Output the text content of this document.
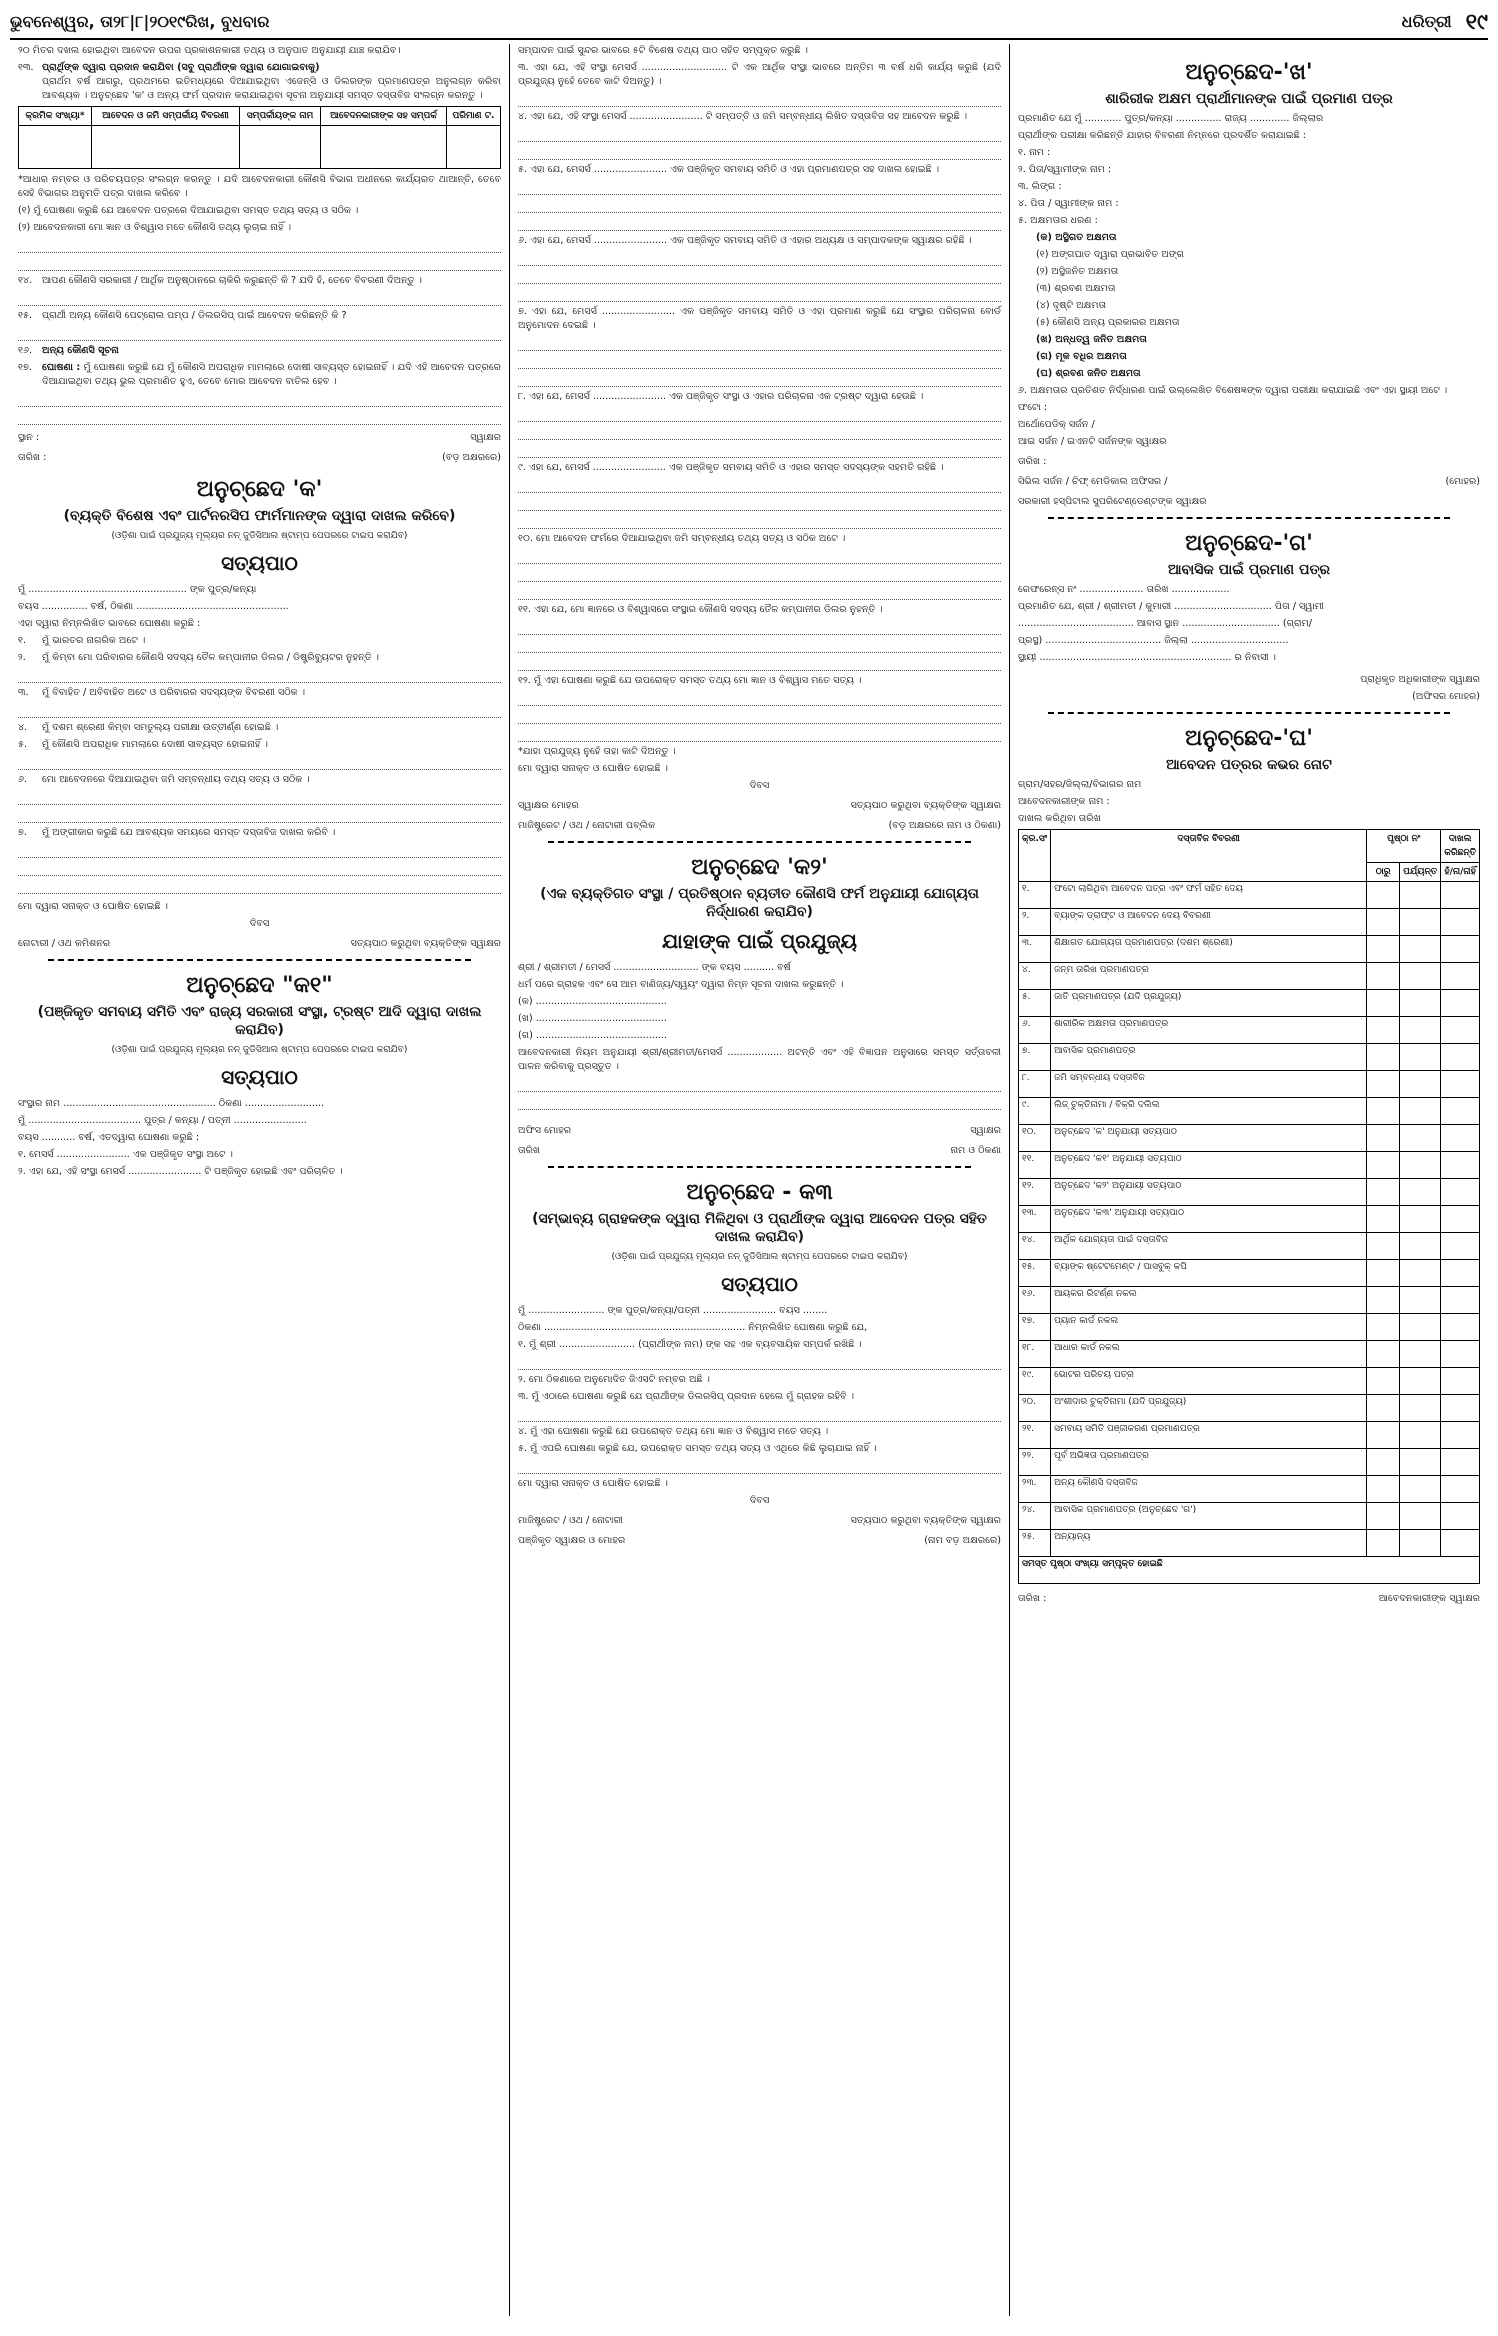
ଭୁବନେଶ୍ୱର, ତା୨୮|୮|୨୦୧୯ରିଖ, ବୁଧବାର	ଧରିତ୍ରୀ ୧୯

୨୦ ମିତର ଦଖଲ ହୋଇଥିବା ଆବେଦନ ଉପର ପ୍ରକାଶନକାରୀ ତଥ୍ୟ ଓ ଅନୁପାତ ଅନୁଯାୟୀ ଯାଞ୍ଚ କରାଯିବ।

୧୩. ପ୍ରାର୍ଥିଙ୍କ ଦ୍ୱାରା ପ୍ରଦାନ କରାଯିବା (ସବୁ ପ୍ରାର୍ଥୀଙ୍କ ଦ୍ୱାରା ଯୋଗାଇବାକୁ)
ପ୍ରାର୍ଥମ ବର୍ଷ ଆଗରୁ, ପ୍ରଥମରେ ଇତିମଧ୍ୟରେ ଦିଆଯାଇଥିବା ଏଜେନ୍ସି ଓ ଡିଲରଙ୍କ ପ୍ରମାଣପତ୍ର ଅନୁଲଗ୍ନ କରିବା ଆବଶ୍ୟକ । ଅନୁଚ୍ଛେଦ 'କ' ଓ ଅନ୍ୟ ଫର୍ମ ପ୍ରଦାନ କରାଯାଇଥିବା ସୂଚନା ଅନୁଯାୟୀ ସମସ୍ତ ଦସ୍ତାବିଜ ସଂଲଗ୍ନ କରନ୍ତୁ ।
କ୍ରମିକ ସଂଖ୍ୟା*	ଆବେଦନ ଓ ଜମି ସମ୍ପର୍କୀୟ ବିବରଣୀ	ସମ୍ପର୍କୀୟଙ୍କ ନାମ	ଆବେଦନକାରୀଙ୍କ ସହ ସମ୍ପର୍କ	ପରିମାଣ ଟ.

*ଆଧାର ନମ୍ବର ଓ ପରିଚୟପତ୍ର ସଂଲଗ୍ନ କରନ୍ତୁ । ଯଦି ଆବେଦନକାରୀ କୌଣସି ବିଭାଗ ଅଧୀନରେ କାର୍ଯ୍ୟରତ ଥାଆନ୍ତି, ତେବେ ସେହି ବିଭାଗର ଅନୁମତି ପତ୍ର ଦାଖଲ କରିବେ ।

(୧) ମୁଁ ଘୋଷଣା କରୁଛି ଯେ ଆବେଦନ ପତ୍ରରେ ଦିଆଯାଇଥିବା ସମସ୍ତ ତଥ୍ୟ ସତ୍ୟ ଓ ସଠିକ ।

(୨) ଆବେଦନକାରୀ ମୋ ଜ୍ଞାନ ଓ ବିଶ୍ୱାସ ମତେ କୌଣସି ତଥ୍ୟ ଲୁଚାଇ ନାହିଁ ।

୧୪.	ଆପଣ କୌଣସି ସରକାରୀ / ଆର୍ଥିକ ଅନୁଷ୍ଠାନରେ ଚାକିରି କରୁଛନ୍ତି କି ? ଯଦି ହଁ, ତେବେ ବିବରଣୀ ଦିଅନ୍ତୁ ।
୧୫.	ପ୍ରାର୍ଥୀ ଅନ୍ୟ କୌଣସି ପେଟ୍ରୋଲ ପମ୍ପ / ଡିଲରସିପ୍ ପାଇଁ ଆବେଦନ କରିଛନ୍ତି କି ?
୧୬.	ଅନ୍ୟ କୌଣସି ସୂଚନା
୧୭.	ଘୋଷଣା : ମୁଁ ଘୋଷଣା କରୁଛି ଯେ ମୁଁ କୌଣସି ଅପରାଧିକ ମାମଲାରେ ଦୋଷୀ ସାବ୍ୟସ୍ତ ହୋଇନାହିଁ । ଯଦି ଏହି ଆବେଦନ ପତ୍ରରେ ଦିଆଯାଇଥିବା ତଥ୍ୟ ଭୁଲ ପ୍ରମାଣିତ ହୁଏ, ତେବେ ମୋର ଆବେଦନ ବାତିଲ ହେବ ।
ସ୍ଥାନ :	ସ୍ୱାକ୍ଷର
ତାରିଖ :	(ବଡ଼ ଅକ୍ଷରରେ)
ଅନୁଚ୍ଛେଦ 'କ'
(ବ୍ୟକ୍ତି ବିଶେଷ ଏବଂ ପାର୍ଟନରସିପ ଫାର୍ମମାନଙ୍କ ଦ୍ୱାରା ଦାଖଲ କରିବେ)
(ଓଡ଼ିଶା ପାଇଁ ପ୍ରଯୁଜ୍ୟ ମୂଲ୍ୟର ନନ୍ ଜୁଡିସିଆଲ ଷ୍ଟାମ୍ପ ପେପରରେ ଟାଇପ କରାଯିବ)
ସତ୍ୟପାଠ

ମୁଁ .................................................... ଙ୍କ ପୁତ୍ର/କନ୍ୟା

ବୟସ ............... ବର୍ଷ, ଠିକଣା ..................................................

ଏହା ଦ୍ୱାରା ନିମ୍ନଲିଖିତ ଭାବରେ ଘୋଷଣା କରୁଛି :

୧.	ମୁଁ ଭାରତର ନାଗରିକ ଅଟେ ।
୨.	ମୁଁ କିମ୍ବା ମୋ ପରିବାରର କୌଣସି ସଦସ୍ୟ ତୈଳ କମ୍ପାନୀର ଡିଲର / ଡିଷ୍ଟ୍ରିବ୍ୟୁଟର ନୁହନ୍ତି ।
୩.	ମୁଁ ବିବାହିତ / ଅବିବାହିତ ଅଟେ ଓ ପରିବାରର ସଦସ୍ୟଙ୍କ ବିବରଣୀ ସଠିକ ।
୪.	ମୁଁ ଦଶମ ଶ୍ରେଣୀ କିମ୍ବା ସମତୁଲ୍ୟ ପରୀକ୍ଷା ଉତ୍ତୀର୍ଣ୍ଣ ହୋଇଛି ।
୫.	ମୁଁ କୌଣସି ଅପରାଧିକ ମାମଲାରେ ଦୋଷୀ ସାବ୍ୟସ୍ତ ହୋଇନାହିଁ ।
୬.	ମୋ ଆବେଦନରେ ଦିଆଯାଇଥିବା ଜମି ସମ୍ବନ୍ଧୀୟ ତଥ୍ୟ ସତ୍ୟ ଓ ସଠିକ ।
୭.	ମୁଁ ଅଙ୍ଗୀକାର କରୁଛି ଯେ ଆବଶ୍ୟକ ସମୟରେ ସମସ୍ତ ଦସ୍ତାବିଜ ଦାଖଲ କରିବି ।

ମୋ ଦ୍ୱାରା ସନାକ୍ତ ଓ ଘୋଷିତ ହୋଇଛି ।

ଦିବସ

ନୋଟାରୀ / ଓଥ କମିଶନର	ସତ୍ୟପାଠ କରୁଥିବା ବ୍ୟକ୍ତିଙ୍କ ସ୍ୱାକ୍ଷର
ଅନୁଚ୍ଛେଦ "କ୧"
(ପଞ୍ଜିକୃତ ସମବାୟ ସମିତି ଏବଂ ରାଜ୍ୟ ସରକାରୀ ସଂସ୍ଥା, ଟ୍ରଷ୍ଟ ଆଦି ଦ୍ୱାରା ଦାଖଲ କରାଯିବ)
(ଓଡ଼ିଶା ପାଇଁ ପ୍ରଯୁଜ୍ୟ ମୂଲ୍ୟର ନନ୍ ଜୁଡିସିଆଲ ଷ୍ଟାମ୍ପ ପେପରରେ ଟାଇପ କରାଯିବ)
ସତ୍ୟପାଠ

ସଂସ୍ଥାର ନାମ .................................................. ଠିକଣା ..........................

ମୁଁ ..................................... ପୁତ୍ର / କନ୍ୟା / ପତ୍ନୀ ........................

ବୟସ ........... ବର୍ଷ, ଏତଦ୍ୱାରା ଘୋଷଣା କରୁଛି :

୧. ମେସର୍ସ ........................ ଏକ ପଞ୍ଜିକୃତ ସଂସ୍ଥା ଅଟେ ।

୨. ଏହା ଯେ, ଏହି ସଂସ୍ଥା ମେସର୍ସ ........................ ଟି ପଞ୍ଜିକୃତ ହୋଇଛି ଏବଂ ପରିଚାଳିତ ।

ସମ୍ପାଦନ ପାଇଁ ସୁନ୍ଦର ଭାବରେ ୫ଟି ବିଶେଷ ତଥ୍ୟ ପାଠ ସହିତ ସମ୍ପୃକ୍ତ କରୁଛି ।

୩. ଏହା ଯେ, ଏହି ସଂସ୍ଥା ମେସର୍ସ ............................ ଟି ଏକ ଆର୍ଥିକ ସଂସ୍ଥା ଭାବରେ ଅନ୍ତିମ ୩ ବର୍ଷ ଧରି କାର୍ଯ୍ୟ କରୁଛି (ଯଦି ପ୍ରଯୁଜ୍ୟ ନୁହେଁ ତେବେ କାଟି ଦିଅନ୍ତୁ) ।

୪. ଏହା ଯେ, ଏହି ସଂସ୍ଥା ମେସର୍ସ ........................ ଟି ସମ୍ପତ୍ତି ଓ ଜମି ସମ୍ବନ୍ଧୀୟ ଲିଖିତ ଦସ୍ତାବିଜ ସହ ଆବେଦନ କରୁଛି ।

୫. ଏହା ଯେ, ମେସର୍ସ ........................ ଏକ ପଞ୍ଜିକୃତ ସମବାୟ ସମିତି ଓ ଏହା ପ୍ରମାଣପତ୍ର ସହ ଦାଖଲ ହୋଇଛି ।

୬. ଏହା ଯେ, ମେସର୍ସ ........................ ଏକ ପଞ୍ଜିକୃତ ସମବାୟ ସମିତି ଓ ଏହାର ଅଧ୍ୟକ୍ଷ ଓ ସମ୍ପାଦକଙ୍କ ସ୍ୱାକ୍ଷର ରହିଛି ।

୭. ଏହା ଯେ, ମେସର୍ସ ........................ ଏକ ପଞ୍ଜିକୃତ ସମବାୟ ସମିତି ଓ ଏହା ପ୍ରମାଣ କରୁଛି ଯେ ସଂସ୍ଥାର ପରିଚାଳନା ବୋର୍ଡ ଅନୁମୋଦନ ଦେଇଛି ।

୮. ଏହା ଯେ, ମେସର୍ସ ........................ ଏକ ପଞ୍ଜିକୃତ ସଂସ୍ଥା ଓ ଏହାର ପରିଚାଳନା ଏକ ଟ୍ରଷ୍ଟ ଦ୍ୱାରା ହେଉଛି ।

୯. ଏହା ଯେ, ମେସର୍ସ ........................ ଏକ ପଞ୍ଜିକୃତ ସମବାୟ ସମିତି ଓ ଏହାର ସମସ୍ତ ସଦସ୍ୟଙ୍କ ସହମତି ରହିଛି ।

୧୦. ମୋ ଆବେଦନ ଫର୍ମରେ ଦିଆଯାଇଥିବା ଜମି ସମ୍ବନ୍ଧୀୟ ତଥ୍ୟ ସତ୍ୟ ଓ ସଠିକ ଅଟେ ।

୧୧. ଏହା ଯେ, ମୋ ଜ୍ଞାନରେ ଓ ବିଶ୍ୱାସରେ ସଂସ୍ଥାର କୌଣସି ସଦସ୍ୟ ତୈଳ କମ୍ପାନୀର ଡିଲର ନୁହନ୍ତି ।

୧୨. ମୁଁ ଏହା ଘୋଷଣା କରୁଛି ଯେ ଉପରୋକ୍ତ ସମସ୍ତ ତଥ୍ୟ ମୋ ଜ୍ଞାନ ଓ ବିଶ୍ୱାସ ମତେ ସତ୍ୟ ।

*ଯାହା ପ୍ରଯୁଜ୍ୟ ନୁହେଁ ତାହା କାଟି ଦିଅନ୍ତୁ ।

ମୋ ଦ୍ୱାରା ସନାକ୍ତ ଓ ଘୋଷିତ ହୋଇଛି ।

ଦିବସ

ସ୍ୱାକ୍ଷର ମୋହର	ସତ୍ୟପାଠ କରୁଥିବା ବ୍ୟକ୍ତିଙ୍କ ସ୍ୱାକ୍ଷର
ମାଜିଷ୍ଟ୍ରେଟ / ଓଥ / ନୋଟାରୀ ପବ୍ଲିକ	(ବଡ଼ ଅକ୍ଷରରେ ନାମ ଓ ଠିକଣା)
ଅନୁଚ୍ଛେଦ 'କ୨'
(ଏକ ବ୍ୟକ୍ତିଗତ ସଂସ୍ଥା / ପ୍ରତିଷ୍ଠାନ ବ୍ୟତୀତ କୌଣସି ଫର୍ମ ଅନୁଯାୟୀ ଯୋଗ୍ୟତା ନିର୍ଦ୍ଧାରଣ କରାଯିବ)
ଯାହାଙ୍କ ପାଇଁ ପ୍ରଯୁଜ୍ୟ

ଶ୍ରୀ / ଶ୍ରୀମତୀ / ମେସର୍ସ ............................ ଙ୍କ ବୟସ .......... ବର୍ଷ

ଧର୍ମ ପରେ ଗ୍ରାହକ ଏବଂ ସେ ଆମ ବାଣିଜ୍ୟ/ସ୍ୱୟଂ ଦ୍ୱାରା ନିମ୍ନ ସୂଚନା ଦାଖଲ କରୁଛନ୍ତି ।

(କ) ...........................................

(ଖ) ...........................................

(ଗ) ...........................................

ଆବେଦନକାରୀ ନିୟମ ଅନୁଯାୟୀ ଶ୍ରୀ/ଶ୍ରୀମତୀ/ମେସର୍ସ .................. ଅଟନ୍ତି ଏବଂ ଏହି ବିଜ୍ଞାପନ ଅନୁସାରେ ସମସ୍ତ ସର୍ତ୍ତାବଳୀ ପାଳନ କରିବାକୁ ପ୍ରସ୍ତୁତ ।

ଅଫିସ ମୋହର	ସ୍ୱାକ୍ଷର
ତାରିଖ	ନାମ ଓ ଠିକଣା
ଅନୁଚ୍ଛେଦ - କ୩
(ସମ୍ଭାବ୍ୟ ଗ୍ରାହକଙ୍କ ଦ୍ୱାରା ମିଳିଥିବା ଓ ପ୍ରାର୍ଥୀଙ୍କ ଦ୍ୱାରା ଆବେଦନ ପତ୍ର ସହିତ ଦାଖଲ କରାଯିବ)
(ଓଡ଼ିଶା ପାଇଁ ପ୍ରଯୁଜ୍ୟ ମୂଲ୍ୟର ନନ୍ ଜୁଡିସିଆଲ ଷ୍ଟାମ୍ପ ପେପରରେ ଟାଇପ କରାଯିବ)
ସତ୍ୟପାଠ

ମୁଁ ......................... ଙ୍କ ପୁତ୍ର/କନ୍ୟା/ପତ୍ନୀ ........................ ବୟସ ........

ଠିକଣା .................................................................. ନିମ୍ନଲିଖିତ ଘୋଷଣା କରୁଛି ଯେ,

୧. ମୁଁ ଶ୍ରୀ ......................... (ପ୍ରାର୍ଥୀଙ୍କ ନାମ) ଙ୍କ ସହ ଏକ ବ୍ୟବସାୟିକ ସମ୍ପର୍କ ରଖିଛି ।

୨. ମୋ ଠିକଣାରେ ଅନୁମୋଦିତ ଜିଏସଟି ନମ୍ବର ଅଛି ।

୩. ମୁଁ ଏଠାରେ ଘୋଷଣା କରୁଛି ଯେ ପ୍ରାର୍ଥୀଙ୍କ ଡିଲରସିପ୍ ପ୍ରଦାନ ହେଲେ ମୁଁ ଗ୍ରାହକ ରହିବି ।

୪. ମୁଁ ଏହା ଘୋଷଣା କରୁଛି ଯେ ଉପରୋକ୍ତ ତଥ୍ୟ ମୋ ଜ୍ଞାନ ଓ ବିଶ୍ୱାସ ମତେ ସତ୍ୟ ।

୫. ମୁଁ ଏପରି ଘୋଷଣା କରୁଛି ଯେ, ଉପରୋକ୍ତ ସମସ୍ତ ତଥ୍ୟ ସତ୍ୟ ଓ ଏଥିରେ କିଛି ଲୁଚାଯାଇ ନାହିଁ ।

ମୋ ଦ୍ୱାରା ସନାକ୍ତ ଓ ଘୋଷିତ ହୋଇଛି ।

ଦିବସ

ମାଜିଷ୍ଟ୍ରେଟ / ଓଥ / ନୋଟାରୀ	ସତ୍ୟପାଠ କରୁଥିବା ବ୍ୟକ୍ତିଙ୍କ ସ୍ୱାକ୍ଷର
ପଞ୍ଜିକୃତ ସ୍ୱାକ୍ଷର ଓ ମୋହର	(ନାମ ବଡ଼ ଅକ୍ଷରରେ)
ଅନୁଚ୍ଛେଦ-'ଖ'
ଶାରିରୀକ ଅକ୍ଷମ ପ୍ରାର୍ଥୀମାନଙ୍କ ପାଇଁ ପ୍ରମାଣ ପତ୍ର

ପ୍ରମାଣିତ ଯେ ମୁଁ ............ ପୁତ୍ର/କନ୍ୟା ............... ରାଜ୍ୟ ............. ଜିଲ୍ଲାର

ପ୍ରାର୍ଥୀଙ୍କ ପରୀକ୍ଷା କରିଛନ୍ତି ଯାହାର ବିବରଣୀ ନିମ୍ନରେ ପ୍ରଦର୍ଶିତ କରାଯାଇଛି :

୧. ନାମ :
୨. ପିତା/ସ୍ୱାମୀଙ୍କ ନାମ :
୩. ଲିଙ୍ଗ :
୪. ପିତା / ସ୍ୱାମୀଙ୍କ ନାମ :
୫. ଅକ୍ଷମତାର ଧରଣ :
(କ) ଅସ୍ଥିଗତ ଅକ୍ଷମତା
(୧) ଅଙ୍ଗଘାତ ଦ୍ୱାରା ପ୍ରଭାବିତ ଅଙ୍ଗ
(୨) ଅସ୍ଥିଜନିତ ଅକ୍ଷମତା
(୩) ଶ୍ରବଣ ଅକ୍ଷମତା
(୪) ଦୃଷ୍ଟି ଅକ୍ଷମତା
(୫) କୌଣସି ଅନ୍ୟ ପ୍ରକାରର ଅକ୍ଷମତା
(ଖ) ଅନ୍ଧତ୍ୱ ଜନିତ ଅକ୍ଷମତା
(ଗ) ମୂକ ବଧିର ଅକ୍ଷମତା
(ଘ) ଶ୍ରବଣ ଜନିତ ଅକ୍ଷମତା

୬. ଅକ୍ଷମତାର ପ୍ରତିଶତ ନିର୍ଦ୍ଧାରଣ ପାଇଁ ଉଲ୍ଲେଖିତ ବିଶେଷଜ୍ଞଙ୍କ ଦ୍ୱାରା ପରୀକ୍ଷା କରାଯାଇଛି ଏବଂ ଏହା ସ୍ଥାୟୀ ଅଟେ ।

ଫଟୋ :

ଅର୍ଥୋପେଡିକ୍ ସର୍ଜନ /

ଆଇ ସର୍ଜନ / ଇଏନଟି ସର୍ଜନଙ୍କ ସ୍ୱାକ୍ଷର

ତାରିଖ :
ସିଭିଲ ସର୍ଜନ / ଚିଫ୍ ମେଡିକାଲ ଅଫିସର /	(ମୋହର)

ସରକାରୀ ହସ୍ପିଟାଲ ସୁପରିଟେଣ୍ଡେଣ୍ଟଙ୍କ ସ୍ୱାକ୍ଷର

ଅନୁଚ୍ଛେଦ-'ଗ'
ଆବାସିକ ପାଇଁ ପ୍ରମାଣ ପତ୍ର

ରେଫରେନ୍ସ ନଂ ..................... ତାରିଖ ...................

ପ୍ରମାଣିତ ଯେ, ଶ୍ରୀ / ଶ୍ରୀମତୀ / କୁମାରୀ ................................ ପିତା / ସ୍ୱାମୀ

...................................... ଆବାସ ସ୍ଥାନ ................................ (ଗ୍ରାମ/

ପ୍ରସ୍ଥ) ...................................... ଜିଲ୍ଲା ................................

ସ୍ଥାୟୀ ............................................................... ର ନିବାସୀ ।

ପ୍ରାଧିକୃତ ଅଧିକାରୀଙ୍କ ସ୍ୱାକ୍ଷର

(ଅଫିସର ମୋହର)

ଅନୁଚ୍ଛେଦ-'ଘ'
ଆବେଦନ ପତ୍ରର କଭର ନୋଟ

ଗ୍ରାମ/ସହର/ଜିଲ୍ଲା/ବିଭାଗର ନାମ

ଆବେଦନକାରୀଙ୍କ ନାମ :

ଦାଖଲ କରିଥିବା ତାରିଖ

କ୍ର.ସଂ	ଦସ୍ତାବିଜ ବିବରଣୀ	ପୃଷ୍ଠା ନଂ		ଦାଖଲ କରିଛନ୍ତି
		ଠାରୁ	ପର୍ଯ୍ୟନ୍ତ	ହଁ/ନା/ନାହିଁ
୧.	ଫଟୋ ଲାଗିଥିବା ଆବେଦନ ପତ୍ର ଏବଂ ଫର୍ମ ସହିତ ଦେୟ			
୨.	ବ୍ୟାଙ୍କ ଡ୍ରାଫ୍ଟ ଓ ଆବେଦନ ଦେୟ ବିବରଣୀ			
୩.	ଶିକ୍ଷାଗତ ଯୋଗ୍ୟତା ପ୍ରମାଣପତ୍ର (ଦଶମ ଶ୍ରେଣୀ)			
୪.	ଜନ୍ମ ତାରିଖ ପ୍ରମାଣପତ୍ର			
୫.	ଜାତି ପ୍ରମାଣପତ୍ର (ଯଦି ପ୍ରଯୁଜ୍ୟ)			
୬.	ଶାରୀରିକ ଅକ୍ଷମତା ପ୍ରମାଣପତ୍ର			
୭.	ଆବାସିକ ପ୍ରମାଣପତ୍ର			
୮.	ଜମି ସମ୍ବନ୍ଧୀୟ ଦସ୍ତାବିଜ			
୯.	ଲିଜ୍ ଚୁକ୍ତିନାମା / ବିକ୍ରି ଦଲିଲ			
୧୦.	ଅନୁଚ୍ଛେଦ 'କ' ଅନୁଯାୟୀ ସତ୍ୟପାଠ			
୧୧.	ଅନୁଚ୍ଛେଦ 'କ୧' ଅନୁଯାୟୀ ସତ୍ୟପାଠ			
୧୨.	ଅନୁଚ୍ଛେଦ 'କ୨' ଅନୁଯାୟୀ ସତ୍ୟପାଠ			
୧୩.	ଅନୁଚ୍ଛେଦ 'କ୩' ଅନୁଯାୟୀ ସତ୍ୟପାଠ			
୧୪.	ଆର୍ଥିକ ଯୋଗ୍ୟତା ପାଇଁ ଦସ୍ତାବିଜ			
୧୫.	ବ୍ୟାଙ୍କ ଷ୍ଟେଟମେଣ୍ଟ / ପାସବୁକ୍ କପି			
୧୬.	ଆୟକର ରିଟର୍ଣ୍ଣ ନକଲ			
୧୭.	ପ୍ୟାନ କାର୍ଡ ନକଲ			
୧୮.	ଆଧାର କାର୍ଡ ନକଲ			
୧୯.	ଭୋଟର ପରିଚୟ ପତ୍ର			
୨୦.	ଅଂଶୀଦାର ଚୁକ୍ତିନାମା (ଯଦି ପ୍ରଯୁଜ୍ୟ)			
୨୧.	ସମବାୟ ସମିତି ପଞ୍ଜୀକରଣ ପ୍ରମାଣପତ୍ର			
୨୨.	ପୂର୍ବ ଅଭିଜ୍ଞତା ପ୍ରମାଣପତ୍ର			
୨୩.	ଅନ୍ୟ କୌଣସି ଦସ୍ତାବିଜ			
୨୪.	ଆବାସିକ ପ୍ରମାଣପତ୍ର (ଅନୁଚ୍ଛେଦ 'ଗ')			
୨୫.	ଅନ୍ୟାନ୍ୟ			
ସମସ୍ତ ପୃଷ୍ଠା ସଂଖ୍ୟା ସମ୍ପୃକ୍ତ ହୋଇଛି				
ତାରିଖ :	ଆବେଦନକାରୀଙ୍କ ସ୍ୱାକ୍ଷର
